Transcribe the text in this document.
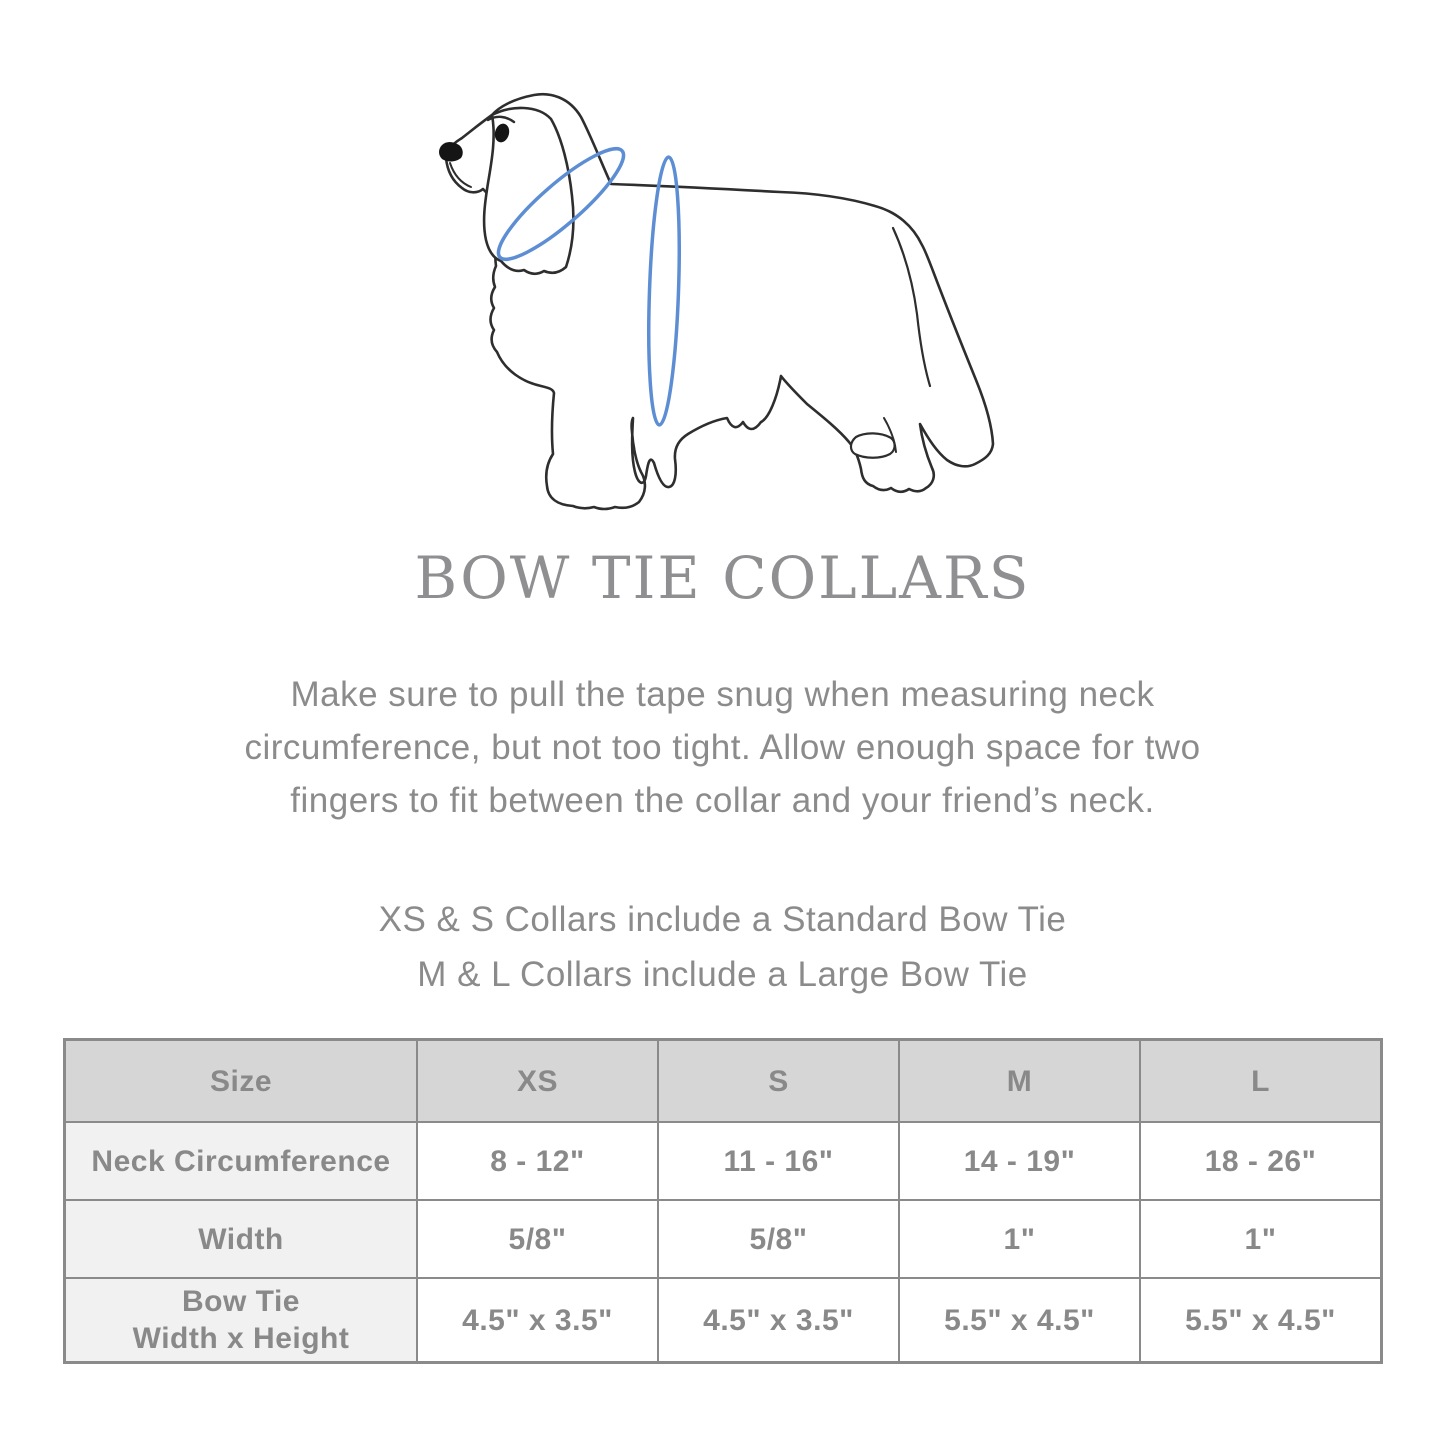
BOW TIE COLLARS
Make sure to pull the tape snug when measuring neck
circumference, but not too tight. Allow enough space for two
fingers to fit between the collar and your friend’s neck.
XS & S Collars include a Standard Bow Tie
M & L Collars include a Large Bow Tie
Size	XS	S	M	L
Neck Circumference	8 - 12"	11 - 16"	14 - 19"	18 - 26"
Width	5/8"	5/8"	1"	1"
Bow Tie
Width x Height
4.5" x 3.5"	4.5" x 3.5"	5.5" x 4.5"	5.5" x 4.5"
